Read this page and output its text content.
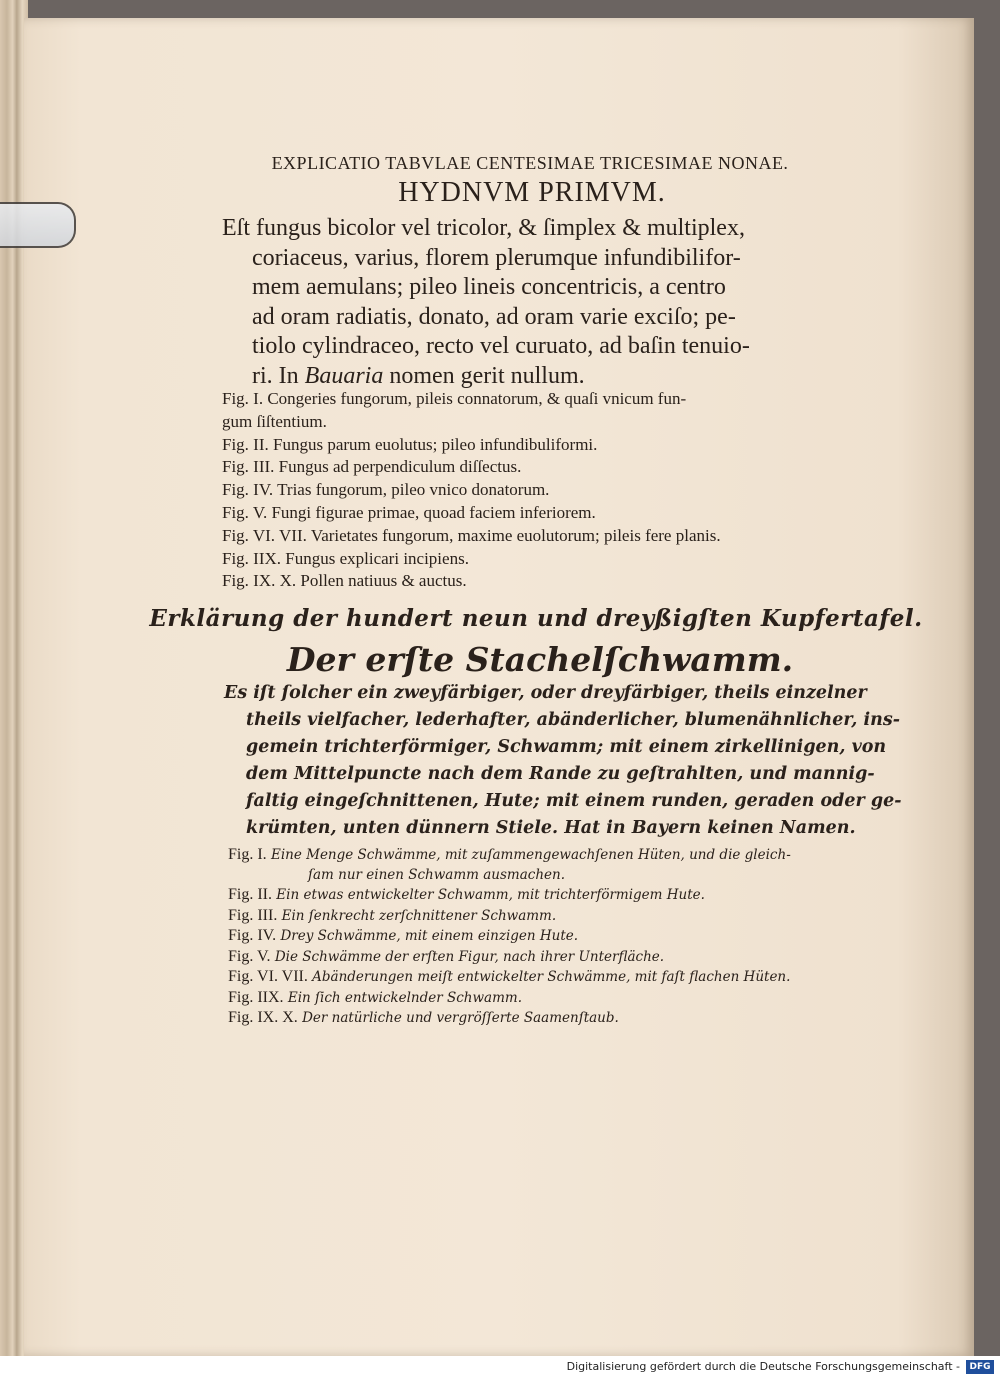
EXPLICATIO TABVLAE CENTESIMAE TRICESIMAE NONAE.
HYDNVM PRIMVM.
Eſt fungus bicolor vel tricolor, & ſimplex & multiplex,
coriaceus, varius, florem plerumque infundibilifor-
mem aemulans; pileo lineis concentricis, a centro
ad oram radiatis, donato, ad oram varie exciſo; pe-
tiolo cylindraceo, recto vel curuato, ad baſin tenuio-
ri. In Bauaria nomen gerit nullum.
Fig. I. Congeries fungorum, pileis connatorum, & quaſi vnicum fun-
gum ſiſtentium.
Fig. II. Fungus parum euolutus; pileo infundibuliformi.
Fig. III. Fungus ad perpendiculum diſſectus.
Fig. IV. Trias fungorum, pileo vnico donatorum.
Fig. V. Fungi figurae primae, quoad faciem inferiorem.
Fig. VI. VII. Varietates fungorum, maxime euolutorum; pileis fere planis.
Fig. IIX. Fungus explicari incipiens.
Fig. IX. X. Pollen natiuus & auctus.
Erklärung der hundert neun und dreyßigſten Kupfertafel.
Der erſte Stachelſchwamm.
Es iſt ſolcher ein zweyfärbiger, oder dreyfärbiger, theils einzelner
theils vielfacher, lederhafter, abänderlicher, blumenähnlicher, ins-
gemein trichterförmiger, Schwamm; mit einem zirkellinigen, von
dem Mittelpuncte nach dem Rande zu geſtrahlten, und mannig-
faltig eingeſchnittenen, Hute; mit einem runden, geraden oder ge-
krümten, unten dünnern Stiele. Hat in Bayern keinen Namen.
Fig. I. Eine Menge Schwämme, mit zuſammengewachſenen Hüten, und die gleich-
ſam nur einen Schwamm ausmachen.
Fig. II. Ein etwas entwickelter Schwamm, mit trichterförmigem Hute.
Fig. III. Ein ſenkrecht zerſchnittener Schwamm.
Fig. IV. Drey Schwämme, mit einem einzigen Hute.
Fig. V. Die Schwämme der erſten Figur, nach ihrer Unterfläche.
Fig. VI. VII. Abänderungen meiſt entwickelter Schwämme, mit faſt flachen Hüten.
Fig. IIX. Ein ſich entwickelnder Schwamm.
Fig. IX. X. Der natürliche und vergröſſerte Saamenſtaub.
Digitalisierung gefördert durch die Deutsche Forschungsgemeinschaft -	DFG
